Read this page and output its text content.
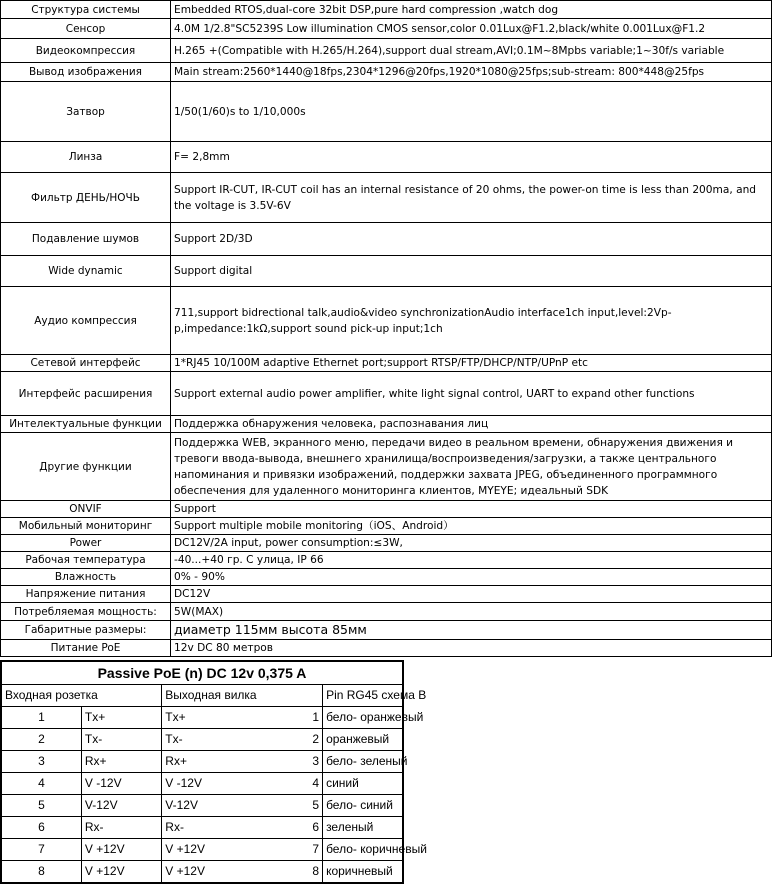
Структура системы	Embedded RTOS,dual-core 32bit DSP,pure hard compression ,watch dog
Сенсор	4.0M 1/2.8"SC5239S Low illumination CMOS sensor,color 0.01Lux@F1.2,black/white 0.001Lux@F1.2
Видеокомпрессия	H.265 +(Compatible with H.265/H.264),support dual stream,AVI;0.1M~8Mpbs variable;1~30f/s variable
Вывод изображения	Main stream:2560*1440@18fps,2304*1296@20fps,1920*1080@25fps;sub-stream: 800*448@25fps
Затвор	1/50(1/60)s to 1/10,000s
Линза	F= 2,8mm
Фильтр ДЕНЬ/НОЧЬ	Support IR-CUT, IR-CUT coil has an internal resistance of 20 ohms, the power-on time is less than 200ma, and the voltage is 3.5V-6V
Подавление шумов	Support 2D/3D
Wide dynamic	Support digital
Аудио компрессия	711,support bidrectional talk,audio&video synchronizationAudio interface1ch input,level:2Vp-p,impedance:1kΩ,support sound pick-up input;1ch
Сетевой интерфейс	1*RJ45 10/100M adaptive Ethernet port;support RTSP/FTP/DHCP/NTP/UPnP etc
Интерфейс расширения	Support external audio power amplifier, white light signal control, UART to expand other functions
Интелектуальные функции	Поддержка обнаружения человека, распознавания лиц
Другие функции	Поддержка WEB, экранного меню, передачи видео в реальном времени, обнаружения движения и тревоги ввода-вывода, внешнего хранилища/воспроизведения/загрузки, а также центрального напоминания и привязки изображений, поддержки захвата JPEG, объединенного программного обеспечения для удаленного мониторинга клиентов, MYEYE; идеальный SDK
ONVIF	Support
Мобильный мониторинг	Support multiple mobile monitoring（iOS、Android）
Power	DC12V/2A input, power consumption:≤3W,
Рабочая температура	-40...+40 гр. С улица, IP 66
Влажность	0% - 90%
Напряжение питания	DC12V
Потребляемая мощность:	5W(MAX)
Габаритные размеры:	диаметр 115мм высота 85мм
Питание PoE	12v DC 80 метров
Passive PoE (n) DC 12v 0,375 A				
Входная розетка		Выходная вилка		Pin RG45 схема B
1	Tx+	Tx+	1	бело- оранжевый
2	Tx-	Tx-	2	оранжевый
3	Rx+	Rx+	3	бело- зеленый
4	V -12V	V -12V	4	синий
5	V-12V	V-12V	5	бело- синий
6	Rx-	Rx-	6	зеленый
7	V +12V	V +12V	7	бело- коричневый
8	V +12V	V +12V	8	коричневый
